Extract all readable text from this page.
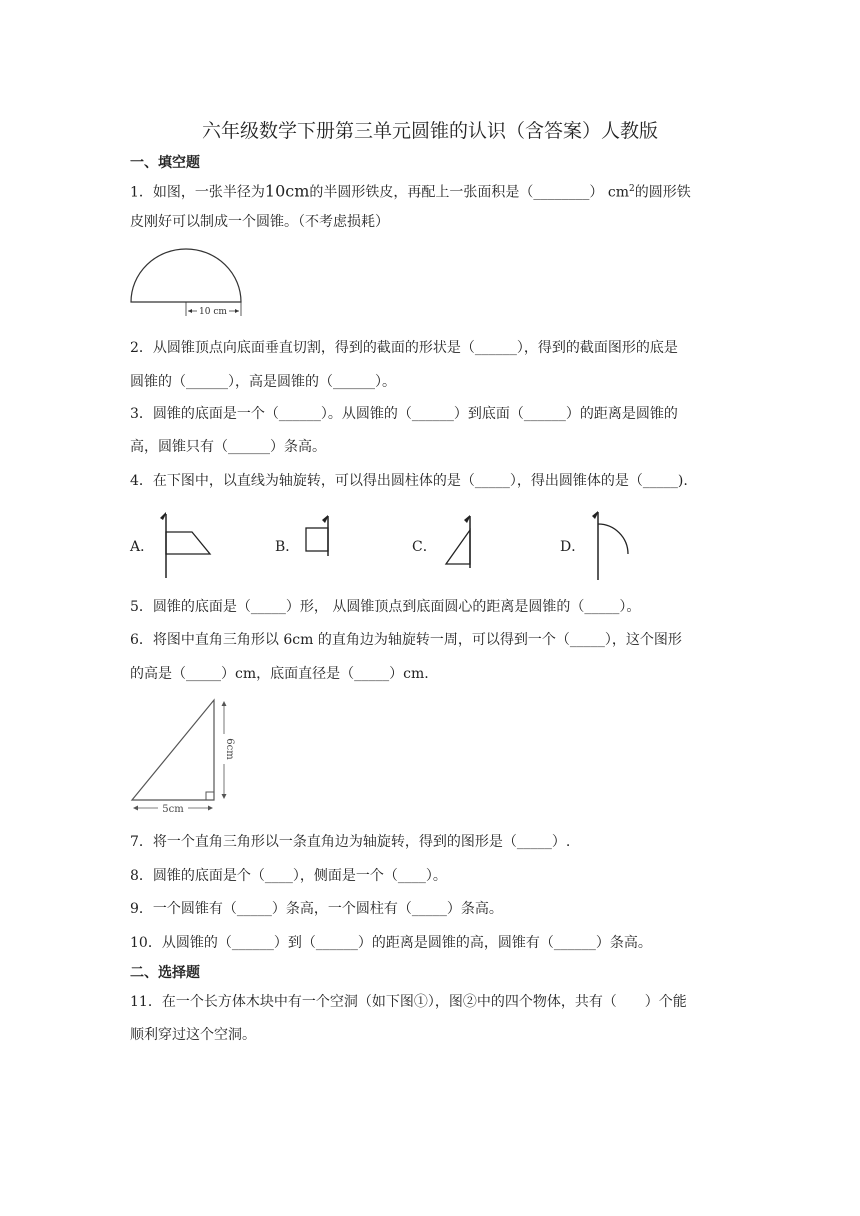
六年级数学下册第三单元圆锥的认识（含答案）人教版
一、填空题
1．如图，一张半径为10cm的半圆形铁皮，再配上一张面积是（________） $cm^2$的圆形铁
皮刚好可以制成一个圆锥。（不考虑损耗）
10 cm
2．从圆锥顶点向底面垂直切割，得到的截面的形状是（______），得到的截面图形的底是
圆锥的（______），高是圆锥的（______）。
3．圆锥的底面是一个（______）。从圆锥的（______）到底面（______）的距离是圆锥的
高，圆锥只有（______）条高。
4．在下图中，以直线为轴旋转，可以得出圆柱体的是（_____），得出圆锥体的是（_____).
A．	B．	C．	D．
5．圆锥的底面是（_____）形， 从圆锥顶点到底面圆心的距离是圆锥的（_____）。
6．将图中直角三角形以 6cm 的直角边为轴旋转一周，可以得到一个（_____），这个图形
的高是（_____）cm，底面直径是（_____）cm.
5cm
6cm
7．将一个直角三角形以一条直角边为轴旋转，得到的图形是（_____）.
8．圆锥的底面是个（____），侧面是一个（____）。
9．一个圆锥有（_____）条高，一个圆柱有（_____）条高。
10．从圆锥的（______）到（______）的距离是圆锥的高，圆锥有（______）条高。
二、选择题
11．在一个长方体木块中有一个空洞（如下图①），图②中的四个物体，共有（　　）个能
顺利穿过这个空洞。
